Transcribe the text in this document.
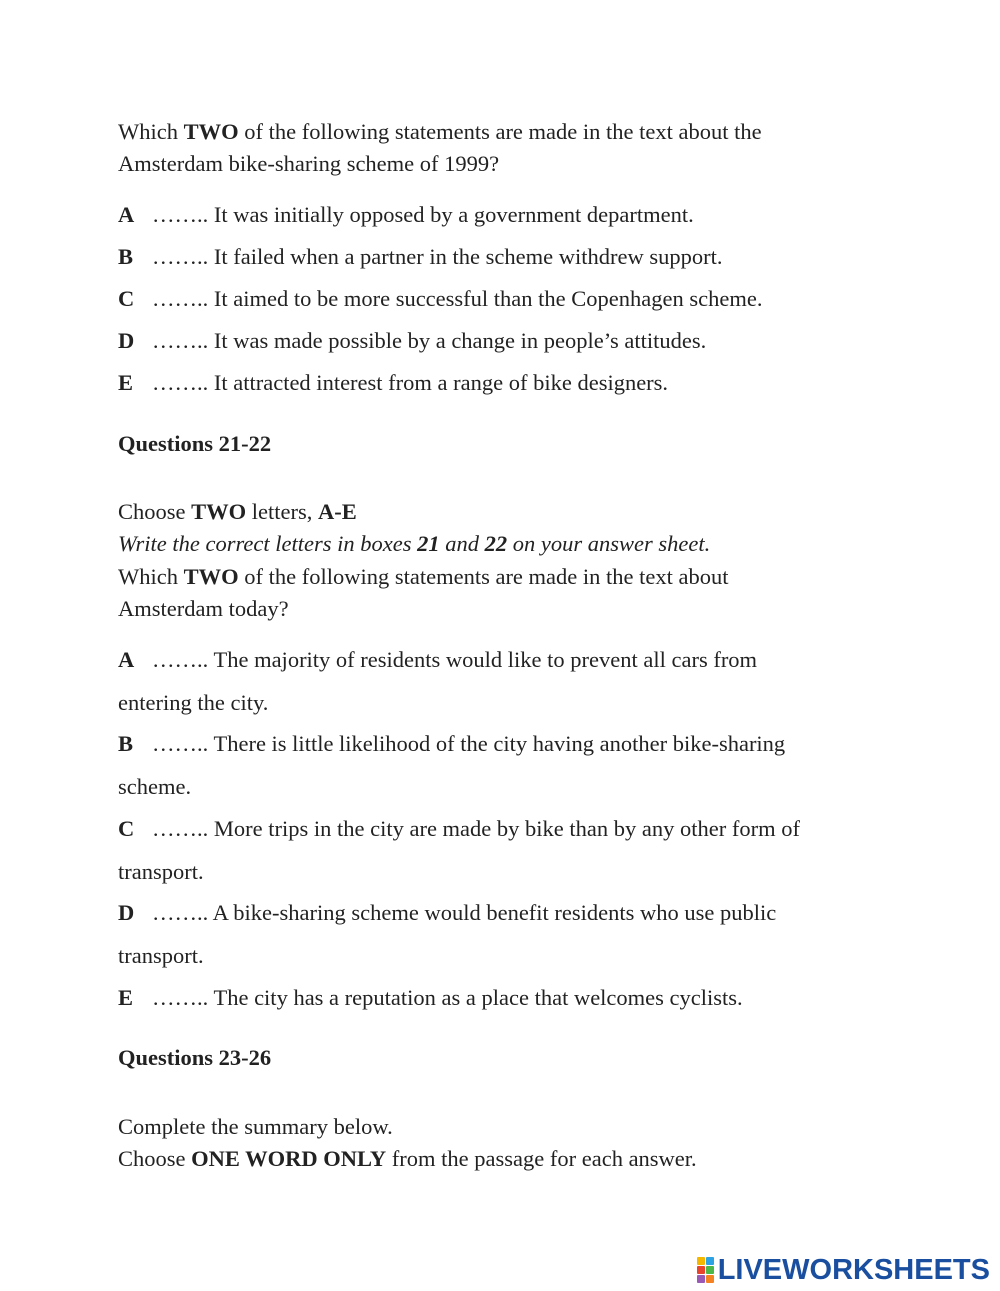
Which TWO of the following statements are made in the text about the
Amsterdam bike-sharing scheme of 1999?
A …….. It was initially opposed by a government department.
B …….. It failed when a partner in the scheme withdrew support.
C …….. It aimed to be more successful than the Copenhagen scheme.
D …….. It was made possible by a change in people’s attitudes.
E …….. It attracted interest from a range of bike designers.
Questions 21-22
Choose TWO letters, A-E
Write the correct letters in boxes 21 and 22 on your answer sheet.
Which TWO of the following statements are made in the text about
Amsterdam today?
A …….. The majority of residents would like to prevent all cars from
entering the city.
B …….. There is little likelihood of the city having another bike-sharing
scheme.
C …….. More trips in the city are made by bike than by any other form of
transport.
D …….. A bike-sharing scheme would benefit residents who use public
transport.
E …….. The city has a reputation as a place that welcomes cyclists.
Questions 23-26
Complete the summary below.
Choose ONE WORD ONLY from the passage for each answer.
LIVEWORKSHEETS
